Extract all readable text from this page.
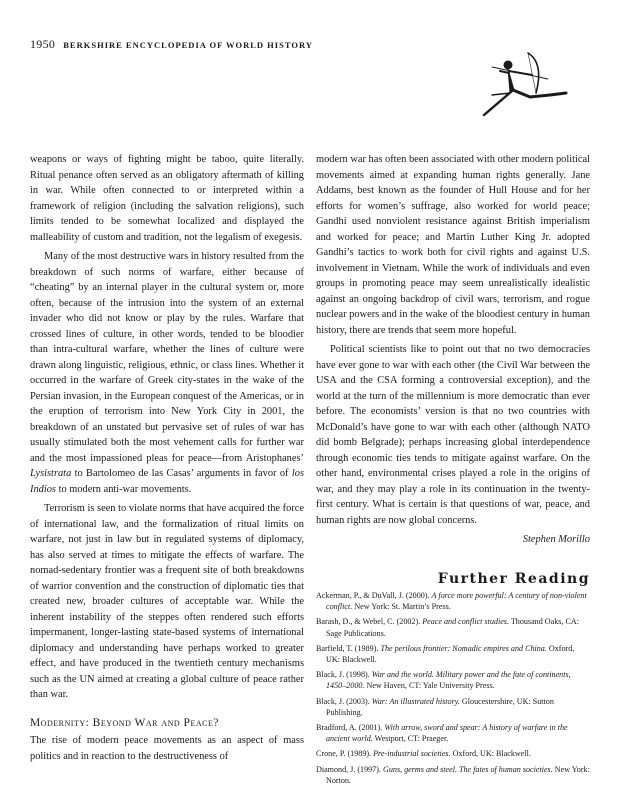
1950 BERKSHIRE ENCYCLOPEDIA OF WORLD HISTORY

weapons or ways of fighting might be taboo, quite literally. Ritual penance often served as an obligatory aftermath of killing in war. While often connected to or interpreted within a framework of religion (including the salvation religions), such limits tended to be somewhat localized and displayed the malleability of custom and tradition, not the legalism of exegesis.

Many of the most destructive wars in history resulted from the breakdown of such norms of warfare, either because of “cheating” by an internal player in the cultural system or, more often, because of the intrusion into the system of an external invader who did not know or play by the rules. Warfare that crossed lines of culture, in other words, tended to be bloodier than intra-cultural warfare, whether the lines of culture were drawn along linguistic, religious, ethnic, or class lines. Whether it occurred in the warfare of Greek city-states in the wake of the Persian invasion, in the European conquest of the Americas, or in the eruption of terrorism into New York City in 2001, the breakdown of an unstated but pervasive set of rules of war has usually stimulated both the most vehement calls for further war and the most impassioned pleas for peace—from Aristophanes’ Lysistrata to Bartolomeo de las Casas’ arguments in favor of los Indios to modern anti-war movements.

Terrorism is seen to violate norms that have acquired the force of international law, and the formalization of ritual limits on warfare, not just in law but in regulated systems of diplomacy, has also served at times to mitigate the effects of warfare. The nomad-sedentary frontier was a frequent site of both breakdowns of warrior convention and the construction of diplomatic ties that created new, broader cultures of acceptable war. While the inherent instability of the steppes often rendered such efforts impermanent, longer-lasting state-based systems of international diplomacy and understanding have perhaps worked to greater effect, and have produced in the twentieth century mechanisms such as the UN aimed at creating a global culture of peace rather than war.

Modernity: Beyond War and Peace?

The rise of modern peace movements as an aspect of mass politics and in reaction to the destructiveness of

modern war has often been associated with other modern political movements aimed at expanding human rights generally. Jane Addams, best known as the founder of Hull House and for her efforts for women’s suffrage, also worked for world peace; Gandhi used nonviolent resistance against British imperialism and worked for peace; and Martin Luther King Jr. adopted Gandhi’s tactics to work both for civil rights and against U.S. involvement in Vietnam. While the work of individuals and even groups in promoting peace may seem unrealistically idealistic against an ongoing backdrop of civil wars, terrorism, and rogue nuclear powers and in the wake of the bloodiest century in human history, there are trends that seem more hopeful.

Political scientists like to point out that no two democracies have ever gone to war with each other (the Civil War between the USA and the CSA forming a controversial exception), and the world at the turn of the millennium is more democratic than ever before. The economists’ version is that no two countries with McDonald’s have gone to war with each other (although NATO did bomb Belgrade); perhaps increasing global interdependence through economic ties tends to mitigate against warfare. On the other hand, environmental crises played a role in the origins of war, and they may play a role in its continuation in the twenty-first century. What is certain is that questions of war, peace, and human rights are now global concerns.

Stephen Morillo

Further Reading

Ackerman, P., & DuVall, J. (2000). A force more powerful: A century of non-violent conflict. New York: St. Martin’s Press.

Barash, D., & Webel, C. (2002). Peace and conflict studies. Thousand Oaks, CA: Sage Publications.

Barfield, T. (1989). The perilous frontier: Nomadic empires and China. Oxford, UK: Blackwell.

Black, J. (1998). War and the world. Military power and the fate of continents, 1450–2000. New Haven, CT: Yale University Press.

Black, J. (2003). War: An illustrated history. Gloucestershire, UK: Sutton Publishing.

Bradford, A. (2001). With arrow, sword and spear: A history of warfare in the ancient world. Westport, CT: Praeger.

Crone, P. (1989). Pre-industrial societies. Oxford, UK: Blackwell.

Diamond, J. (1997). Guns, germs and steel. The fates of human societies. New York: Norton.
